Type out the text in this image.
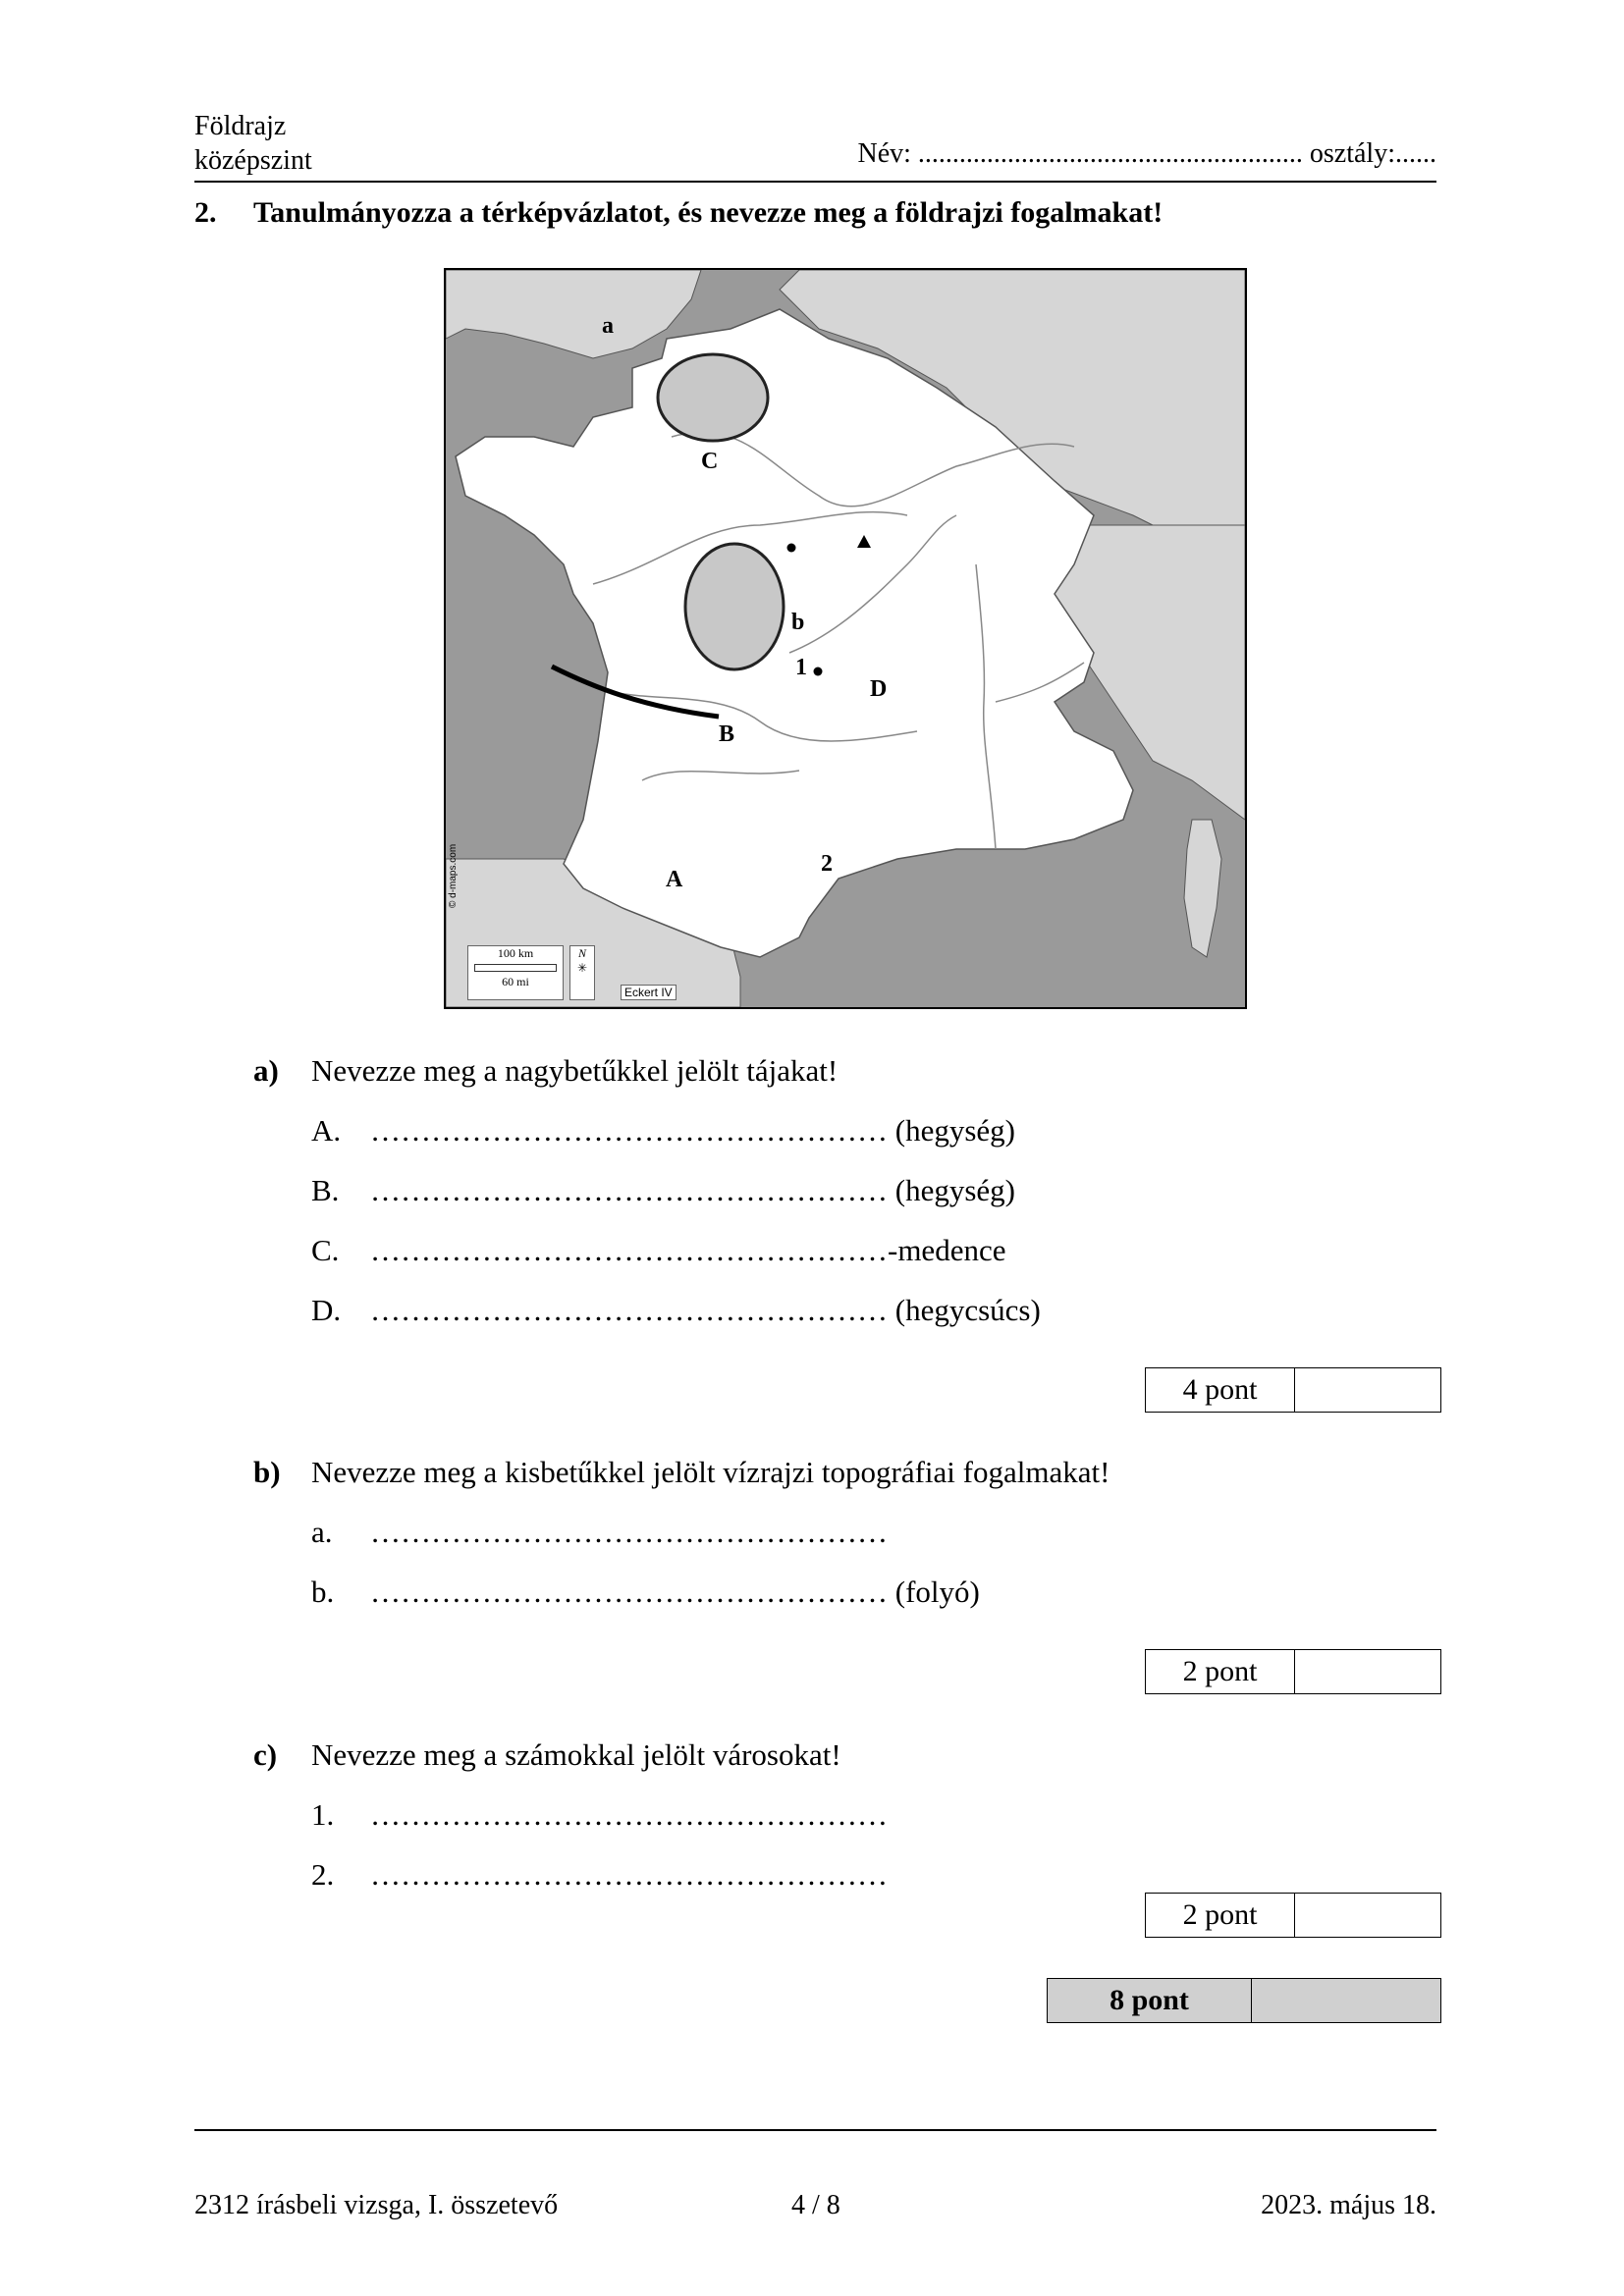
Földrajz
középszint	Név: ........................................................ osztály:......
2. Tanulmányozza a térképvázlatot, és nevezze meg a földrajzi fogalmakat!
a
b
A
B
C
D
1
2
100 km
60 mi
N
✳
Eckert IV
© d-maps.com
a) Nevezze meg a nagybetűkkel jelölt tájakat!
A. …………………………………………… (hegység)
B. …………………………………………… (hegység)
C. ……………………………………………-medence
D. …………………………………………… (hegycsúcs)
4 pont
b) Nevezze meg a kisbetűkkel jelölt vízrajzi topográfiai fogalmakat!
a. ……………………………………………
b. …………………………………………… (folyó)
2 pont
c) Nevezze meg a számokkal jelölt városokat!
1. ……………………………………………
2. ……………………………………………
2 pont
8 pont
2312 írásbeli vizsga, I. összetevő	4 / 8	2023. május 18.
